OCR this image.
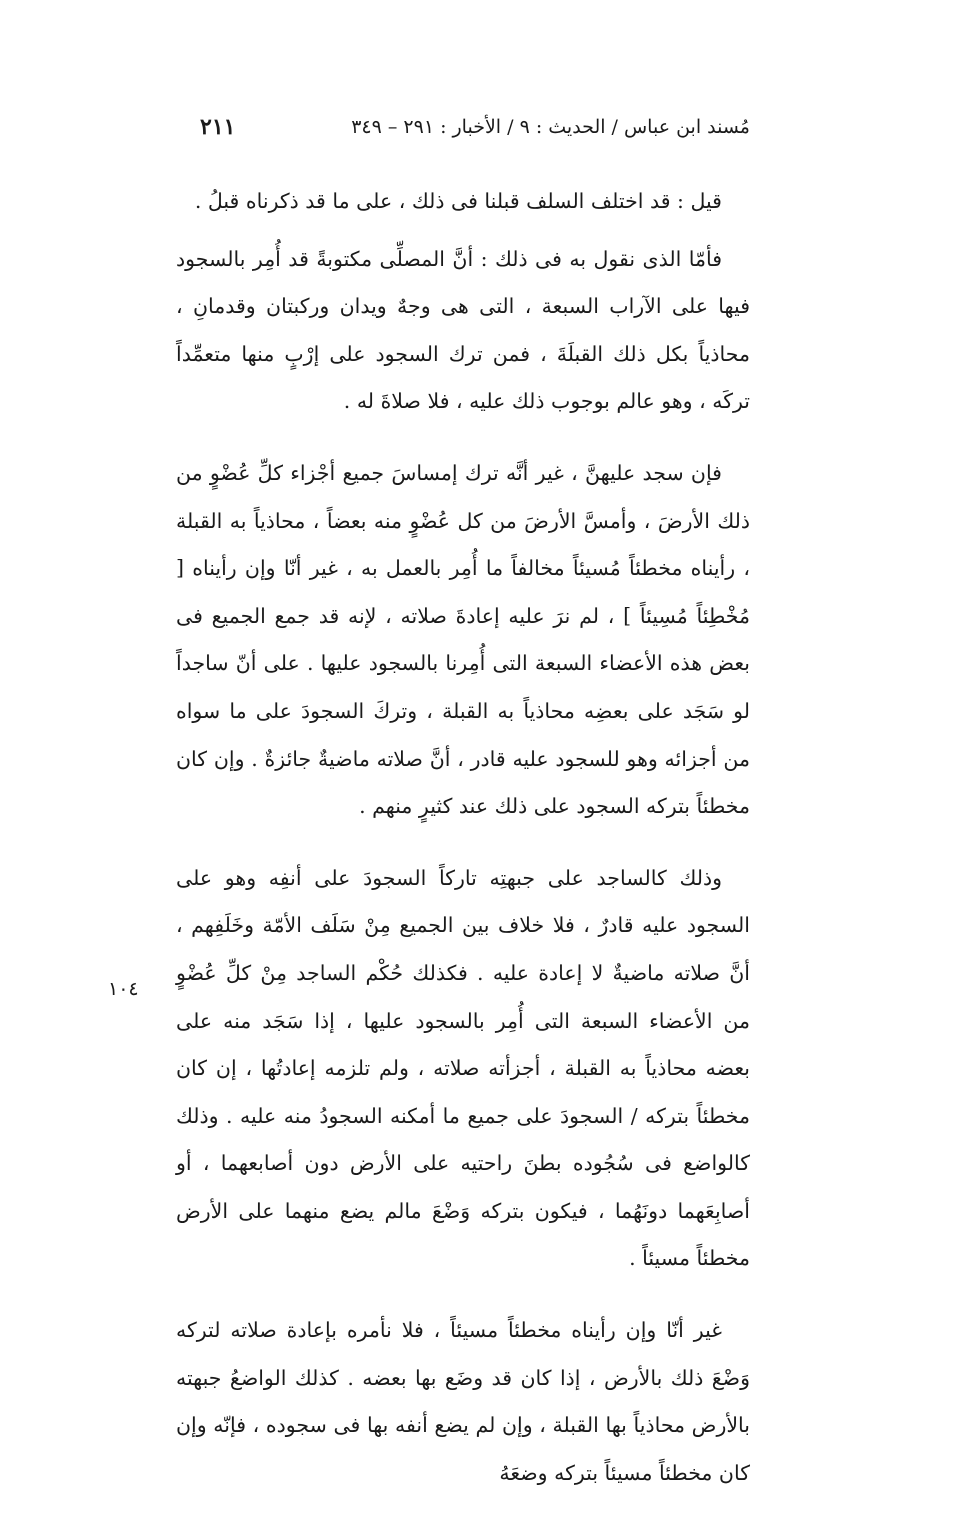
مُسند ابن عباس / الحديث : ٩ / الأخبار : ٢٩١ – ٣٤٩
٢١١

قيل : قد اختلف السلف قبلنا فى ذلك ، على ما قد ذكرناه قبلُ .

فأمّا الذى نقول به فى ذلك : أنَّ المصلِّى مكتوبةً قد أُمِر بالسجود فيها على الآراب السبعة ، التى هى وجهٌ ويدان وركبتان وقدمانِ ، محاذياً بكل ذلك القبلَةَ ، فمن ترك السجود على إرْبٍ منها متعمِّداً تركَه ، وهو عالم بوجوب ذلك عليه ، فلا صلاةَ له .

فإن سجد عليهنَّ ، غير أنَّه ترك إمساسَ جميع أجْزاء كلِّ عُضْوٍ من ذلك الأرضَ ، وأمسَّ الأرضَ من كل عُضْوٍ منه بعضاً ، محاذياً به القبلة ، رأيناه مخطئاً مُسيئاً مخالفاً ما أُمِر بالعمل به ، غير أنّا وإن رأيناه [ مُخْطِئاً مُسِيئاً ] ، لم نرَ عليه إعادةَ صلاته ، لإنه قد جمع الجميع فى بعض هذه الأعضاء السبعة التى أُمِرنا بالسجود عليها . على أنّ ساجداً لو سَجَد على بعضِه محاذياً به القبلة ، وتركَ السجودَ على ما سواه من أجزائه وهو للسجود عليه قادر ، أنَّ صلاته ماضيةٌ جائزةٌ . وإن كان مخطئاً بتركه السجود على ذلك عند كثيرٍ منهم .

وذلك كالساجد على جبهتِه تاركاً السجودَ على أنفِه وهو على السجود عليه قادرٌ ، فلا خلاف بين الجميع مِنْ سَلَف الأمّة وخَلَفِهم ، أنَّ صلاته ماضيةٌ لا إعادة عليه . فكذلك حُكْم الساجد مِنْ كلِّ عُضْوٍ من الأعضاء السبعة التى أُمِر بالسجود عليها ، إذا سَجَد منه على بعضه محاذياً به القبلة ، أجزأته صلاته ، ولم تلزمه إعادتُها ، إن كان مخطئاً بتركه / السجودَ على جميع ما أمكنه السجودُ منه عليه . وذلك كالواضع فى سُجُوده بطنَ راحتيه على الأرض دون أصابعهما ، أو أصابِعَهما دونَهُما ، فيكون بتركه وَضْعَ مالم يضع منهما على الأرض مخطئاً مسيئاً .

غير أنّا وإن رأيناه مخطئاً مسيئاً ، فلا نأمره بإعادة صلاته لتركه وَضْعَ ذلك بالأرض ، إذا كان قد وضَع بها بعضه . كذلك الواضعُ جبهته بالأرض محاذياً بها القبلة ، وإن لم يضع أنفه بها فى سجوده ، فإنّه وإن كان مخطئاً مسيئاً بتركه وضعَهُ

١٠٤
